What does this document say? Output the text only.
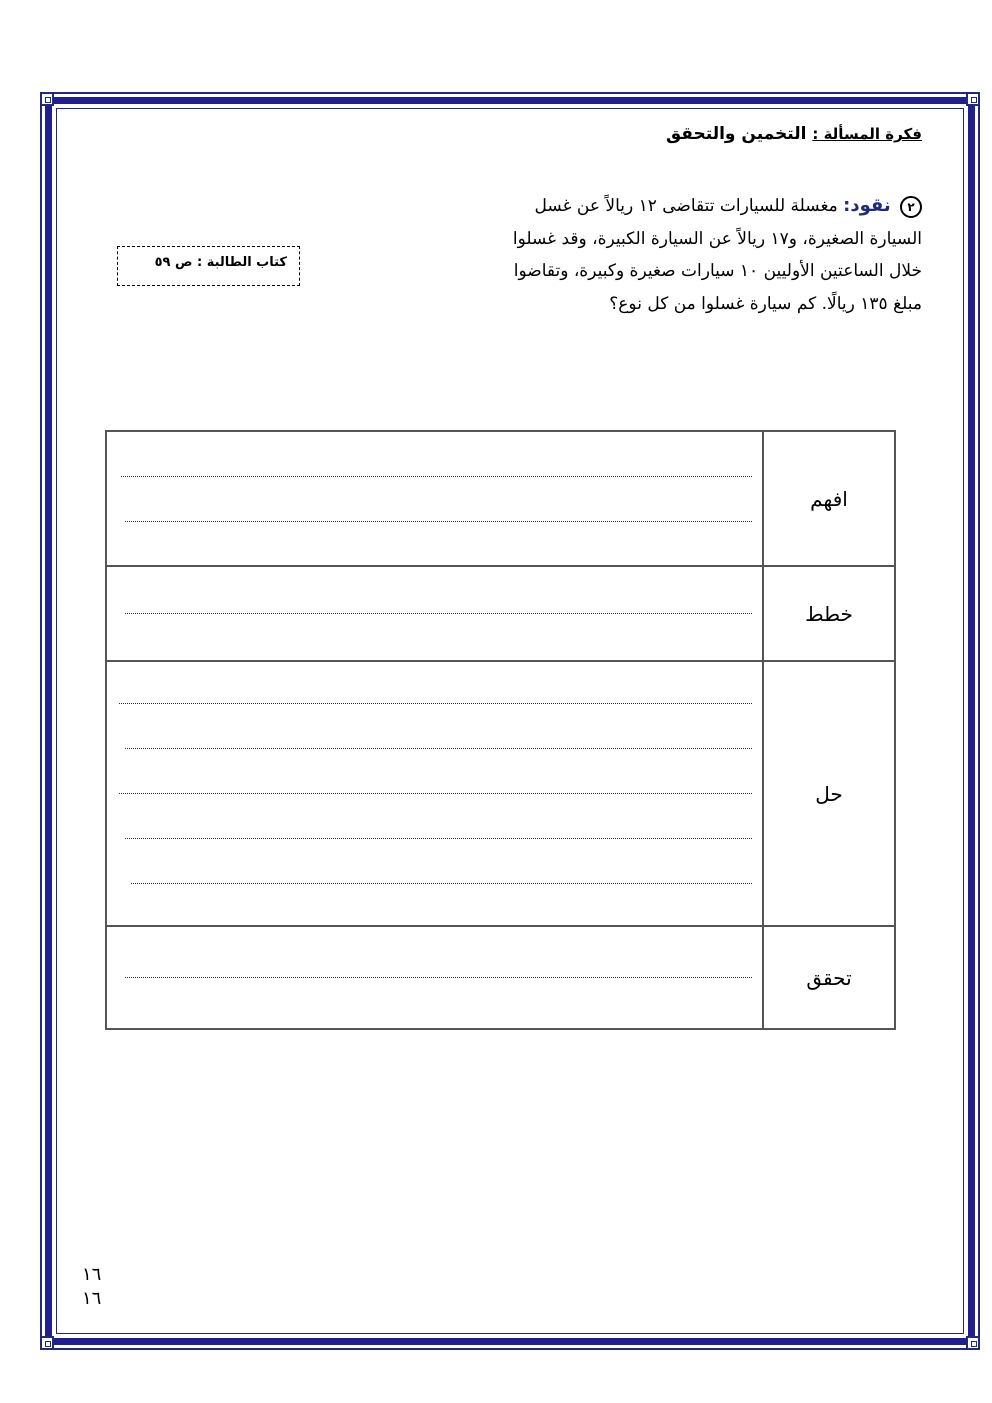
فكرة المسألة : التخمين والتحقق
٢ نقود: مغسلة للسيارات تتقاضى ١٢ ريالاً عن غسل السيارة الصغيرة، و١٧ ريالاً عن السيارة الكبيرة، وقد غسلوا خلال الساعتين الأوليين ١٠ سيارات صغيرة وكبيرة، وتقاضوا مبلغ ١٣٥ ريالًا. كم سيارة غسلوا من كل نوع؟
كتاب الطالبة : ص ٥٩
	افهم

	خطط

	حل

	تحقق
١٦
١٦
